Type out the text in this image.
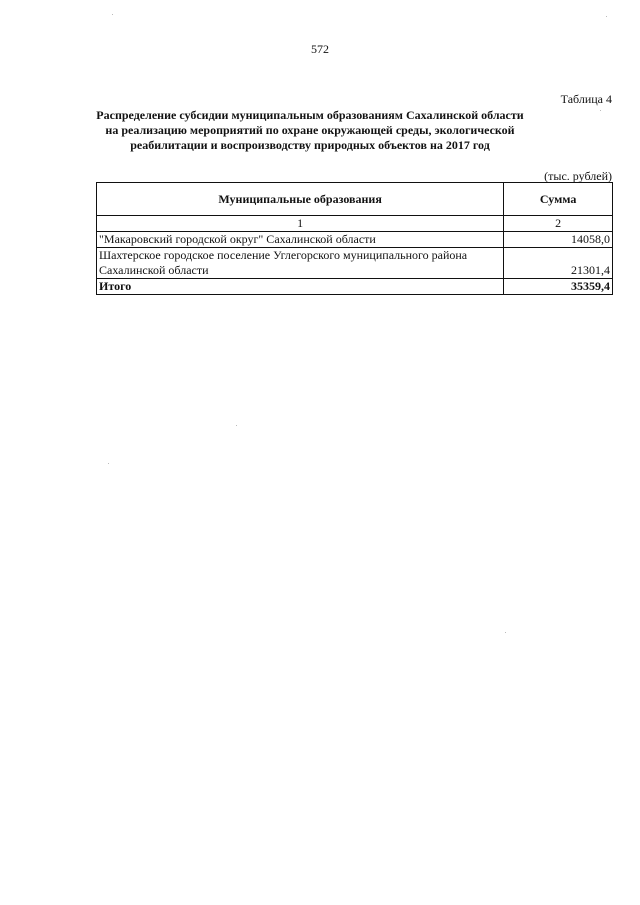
572
Таблица 4
Распределение субсидии муниципальным образованиям Сахалинской области
на реализацию мероприятий по охране окружающей среды, экологической
реабилитации и воспроизводству природных объектов на 2017 год
(тыс. рублей)
Муниципальные образования	Сумма
1	2
"Макаровский городской округ" Сахалинской области	14058,0
Шахтерское городское поселение Углегорского муниципального района Сахалинской области	21301,4
Итого	35359,4
